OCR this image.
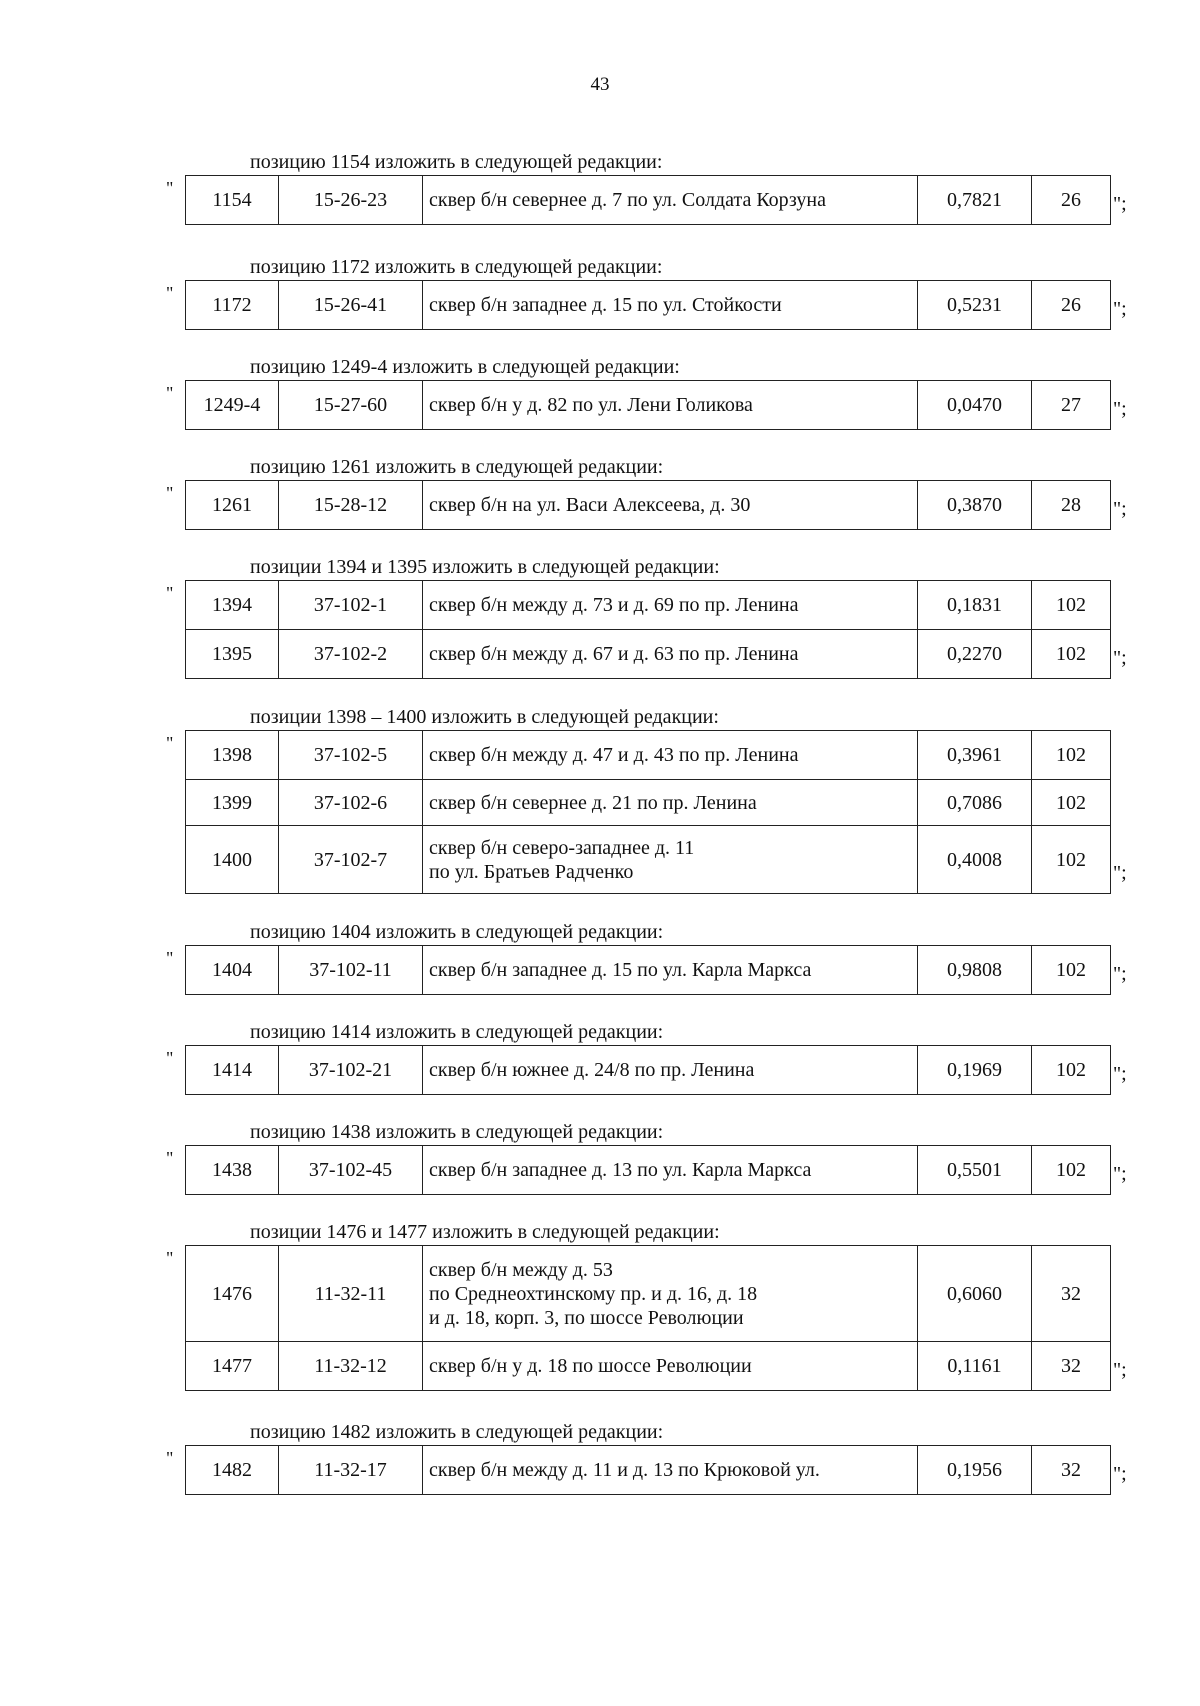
43
позицию 1154 изложить в следующей редакции:
"
1154	15-26-23	сквер б/н севернее д. 7 по ул. Солдата Корзуна	0,7821	26 ";
позицию 1172 изложить в следующей редакции:
"
1172	15-26-41	сквер б/н западнее д. 15 по ул. Стойкости	0,5231	26 ";
позицию 1249-4 изложить в следующей редакции:
"
1249-4	15-27-60	сквер б/н у д. 82 по ул. Лени Голикова	0,0470	27 ";
позицию 1261 изложить в следующей редакции:
"
1261	15-28-12	сквер б/н на ул. Васи Алексеева, д. 30	0,3870	28 ";
позиции 1394 и 1395 изложить в следующей редакции:
"
1394	37-102-1	сквер б/н между д. 73 и д. 69 по пр. Ленина	0,1831	102
1395	37-102-2	сквер б/н между д. 67 и д. 63 по пр. Ленина	0,2270	102 ";
позиции 1398 – 1400 изложить в следующей редакции:
"
1398	37-102-5	сквер б/н между д. 47 и д. 43 по пр. Ленина	0,3961	102
1399	37-102-6	сквер б/н севернее д. 21 по пр. Ленина	0,7086	102
1400	37-102-7	сквер б/н северо-западнее д. 11
по ул. Братьев Радченко	0,4008	102
";
позицию 1404 изложить в следующей редакции:
"
1404	37-102-11	сквер б/н западнее д. 15 по ул. Карла Маркса	0,9808	102 ";
позицию 1414 изложить в следующей редакции:
"
1414	37-102-21	сквер б/н южнее д. 24/8 по пр. Ленина	0,1969	102 ";
позицию 1438 изложить в следующей редакции:
"
1438	37-102-45	сквер б/н западнее д. 13 по ул. Карла Маркса	0,5501	102 ";
позиции 1476 и 1477 изложить в следующей редакции:
"
1476	11-32-11	сквер б/н между д. 53
по Среднеохтинскому пр. и д. 16, д. 18
и д. 18, корп. 3, по шоссе Революции	0,6060	32
1477	11-32-12	сквер б/н у д. 18 по шоссе Революции	0,1161	32 ";
позицию 1482 изложить в следующей редакции:
"
1482	11-32-17	сквер б/н между д. 11 и д. 13 по Крюковой ул.	0,1956	32 ";
